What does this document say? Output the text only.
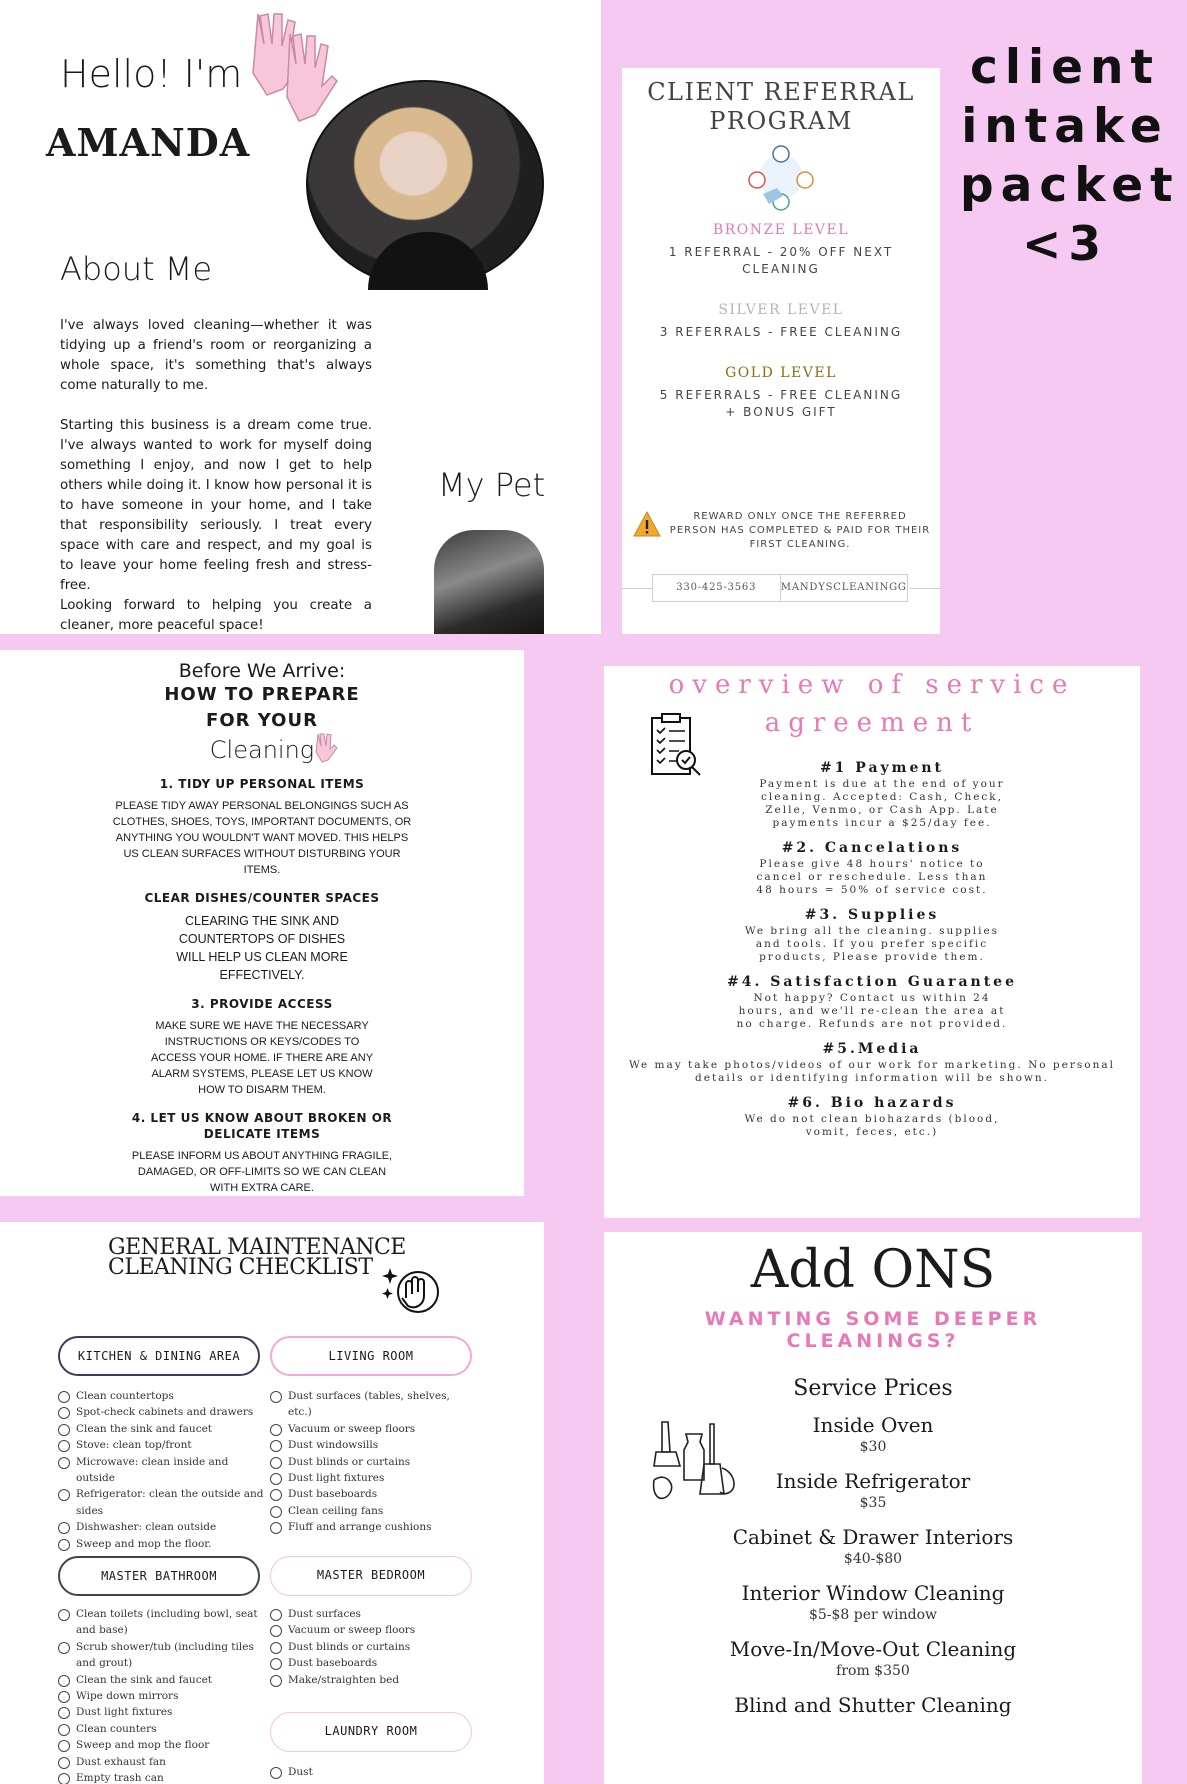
Hello! I'm
AMANDA
About Me

I've always loved cleaning—whether it was tidying up a friend's room or reorganizing a whole space, it's something that's always come naturally to me.

Starting this business is a dream come true. I've always wanted to work for myself doing something I enjoy, and now I get to help others while doing it. I know how personal it is to have someone in your home, and I take that responsibility seriously. I treat every space with care and respect, and my goal is to leave your home feeling fresh and stress-free.

Looking forward to helping you create a cleaner, more peaceful space!

My Pet
CLIENT REFERRAL PROGRAM
BRONZE LEVEL
1 REFERRAL - 20% OFF NEXT CLEANING
SILVER LEVEL
3 REFERRALS - FREE CLEANING
GOLD LEVEL
5 REFERRALS - FREE CLEANING + BONUS GIFT
REWARD ONLY ONCE THE REFERRED PERSON HAS COMPLETED & PAID FOR THEIR FIRST CLEANING.
330-425-3563	MANDYSCLEANINGG
client
intake
packet
<3
Before We Arrive:
HOW TO PREPARE
FOR YOUR
Cleaning
1. TIDY UP PERSONAL ITEMS
PLEASE TIDY AWAY PERSONAL BELONGINGS SUCH AS CLOTHES, SHOES, TOYS, IMPORTANT DOCUMENTS, OR ANYTHING YOU WOULDN'T WANT MOVED. THIS HELPS US CLEAN SURFACES WITHOUT DISTURBING YOUR ITEMS.
CLEAR DISHES/COUNTER SPACES
CLEARING THE SINK AND COUNTERTOPS OF DISHES WILL HELP US CLEAN MORE EFFECTIVELY.
3. PROVIDE ACCESS
MAKE SURE WE HAVE THE NECESSARY INSTRUCTIONS OR KEYS/CODES TO ACCESS YOUR HOME. IF THERE ARE ANY ALARM SYSTEMS, PLEASE LET US KNOW HOW TO DISARM THEM.
4. LET US KNOW ABOUT BROKEN OR DELICATE ITEMS
PLEASE INFORM US ABOUT ANYTHING FRAGILE, DAMAGED, OR OFF-LIMITS SO WE CAN CLEAN WITH EXTRA CARE.
overview of service
agreement
#1 Payment
Payment is due at the end of your cleaning. Accepted: Cash, Check, Zelle, Venmo, or Cash App. Late payments incur a $25/day fee.
#2. Cancelations
Please give 48 hours' notice to cancel or reschedule. Less than 48 hours = 50% of service cost.
#3. Supplies
We bring all the cleaning. supplies and tools. If you prefer specific products, Please provide them.
#4. Satisfaction Guarantee
Not happy? Contact us within 24 hours, and we'll re-clean the area at no charge. Refunds are not provided.
#5.Media
We may take photos/videos of our work for marketing. No personal details or identifying information will be shown.
#6. Bio hazards
We do not clean biohazards (blood, vomit, feces, etc.)
GENERAL MAINTENANCE
CLEANING CHECKLIST
KITCHEN & DINING AREA	LIVING ROOM
Clean countertops
Spot-check cabinets and drawers
Clean the sink and faucet
Stove: clean top/front
Microwave: clean inside and outside
Refrigerator: clean the outside and sides
Dishwasher: clean outside
Sweep and mop the floor.
Dust surfaces (tables, shelves, etc.)
Vacuum or sweep floors
Dust windowsills
Dust blinds or curtains
Dust light fixtures
Dust baseboards
Clean ceiling fans
Fluff and arrange cushions
MASTER BATHROOM	MASTER BEDROOM
Clean toilets (including bowl, seat and base)
Scrub shower/tub (including tiles and grout)
Clean the sink and faucet
Wipe down mirrors
Dust light fixtures
Clean counters
Sweep and mop the floor
Dust exhaust fan
Empty trash can
Dust surfaces
Vacuum or sweep floors
Dust blinds or curtains
Dust baseboards
Make/straighten bed
LAUNDRY ROOM
Dust
Add ONS
WANTING SOME DEEPER
CLEANINGS?
Service Prices
Inside Oven
$30
Inside Refrigerator
$35
Cabinet & Drawer Interiors
$40-$80
Interior Window Cleaning
$5-$8 per window
Move-In/Move-Out Cleaning
from $350
Blind and Shutter Cleaning
